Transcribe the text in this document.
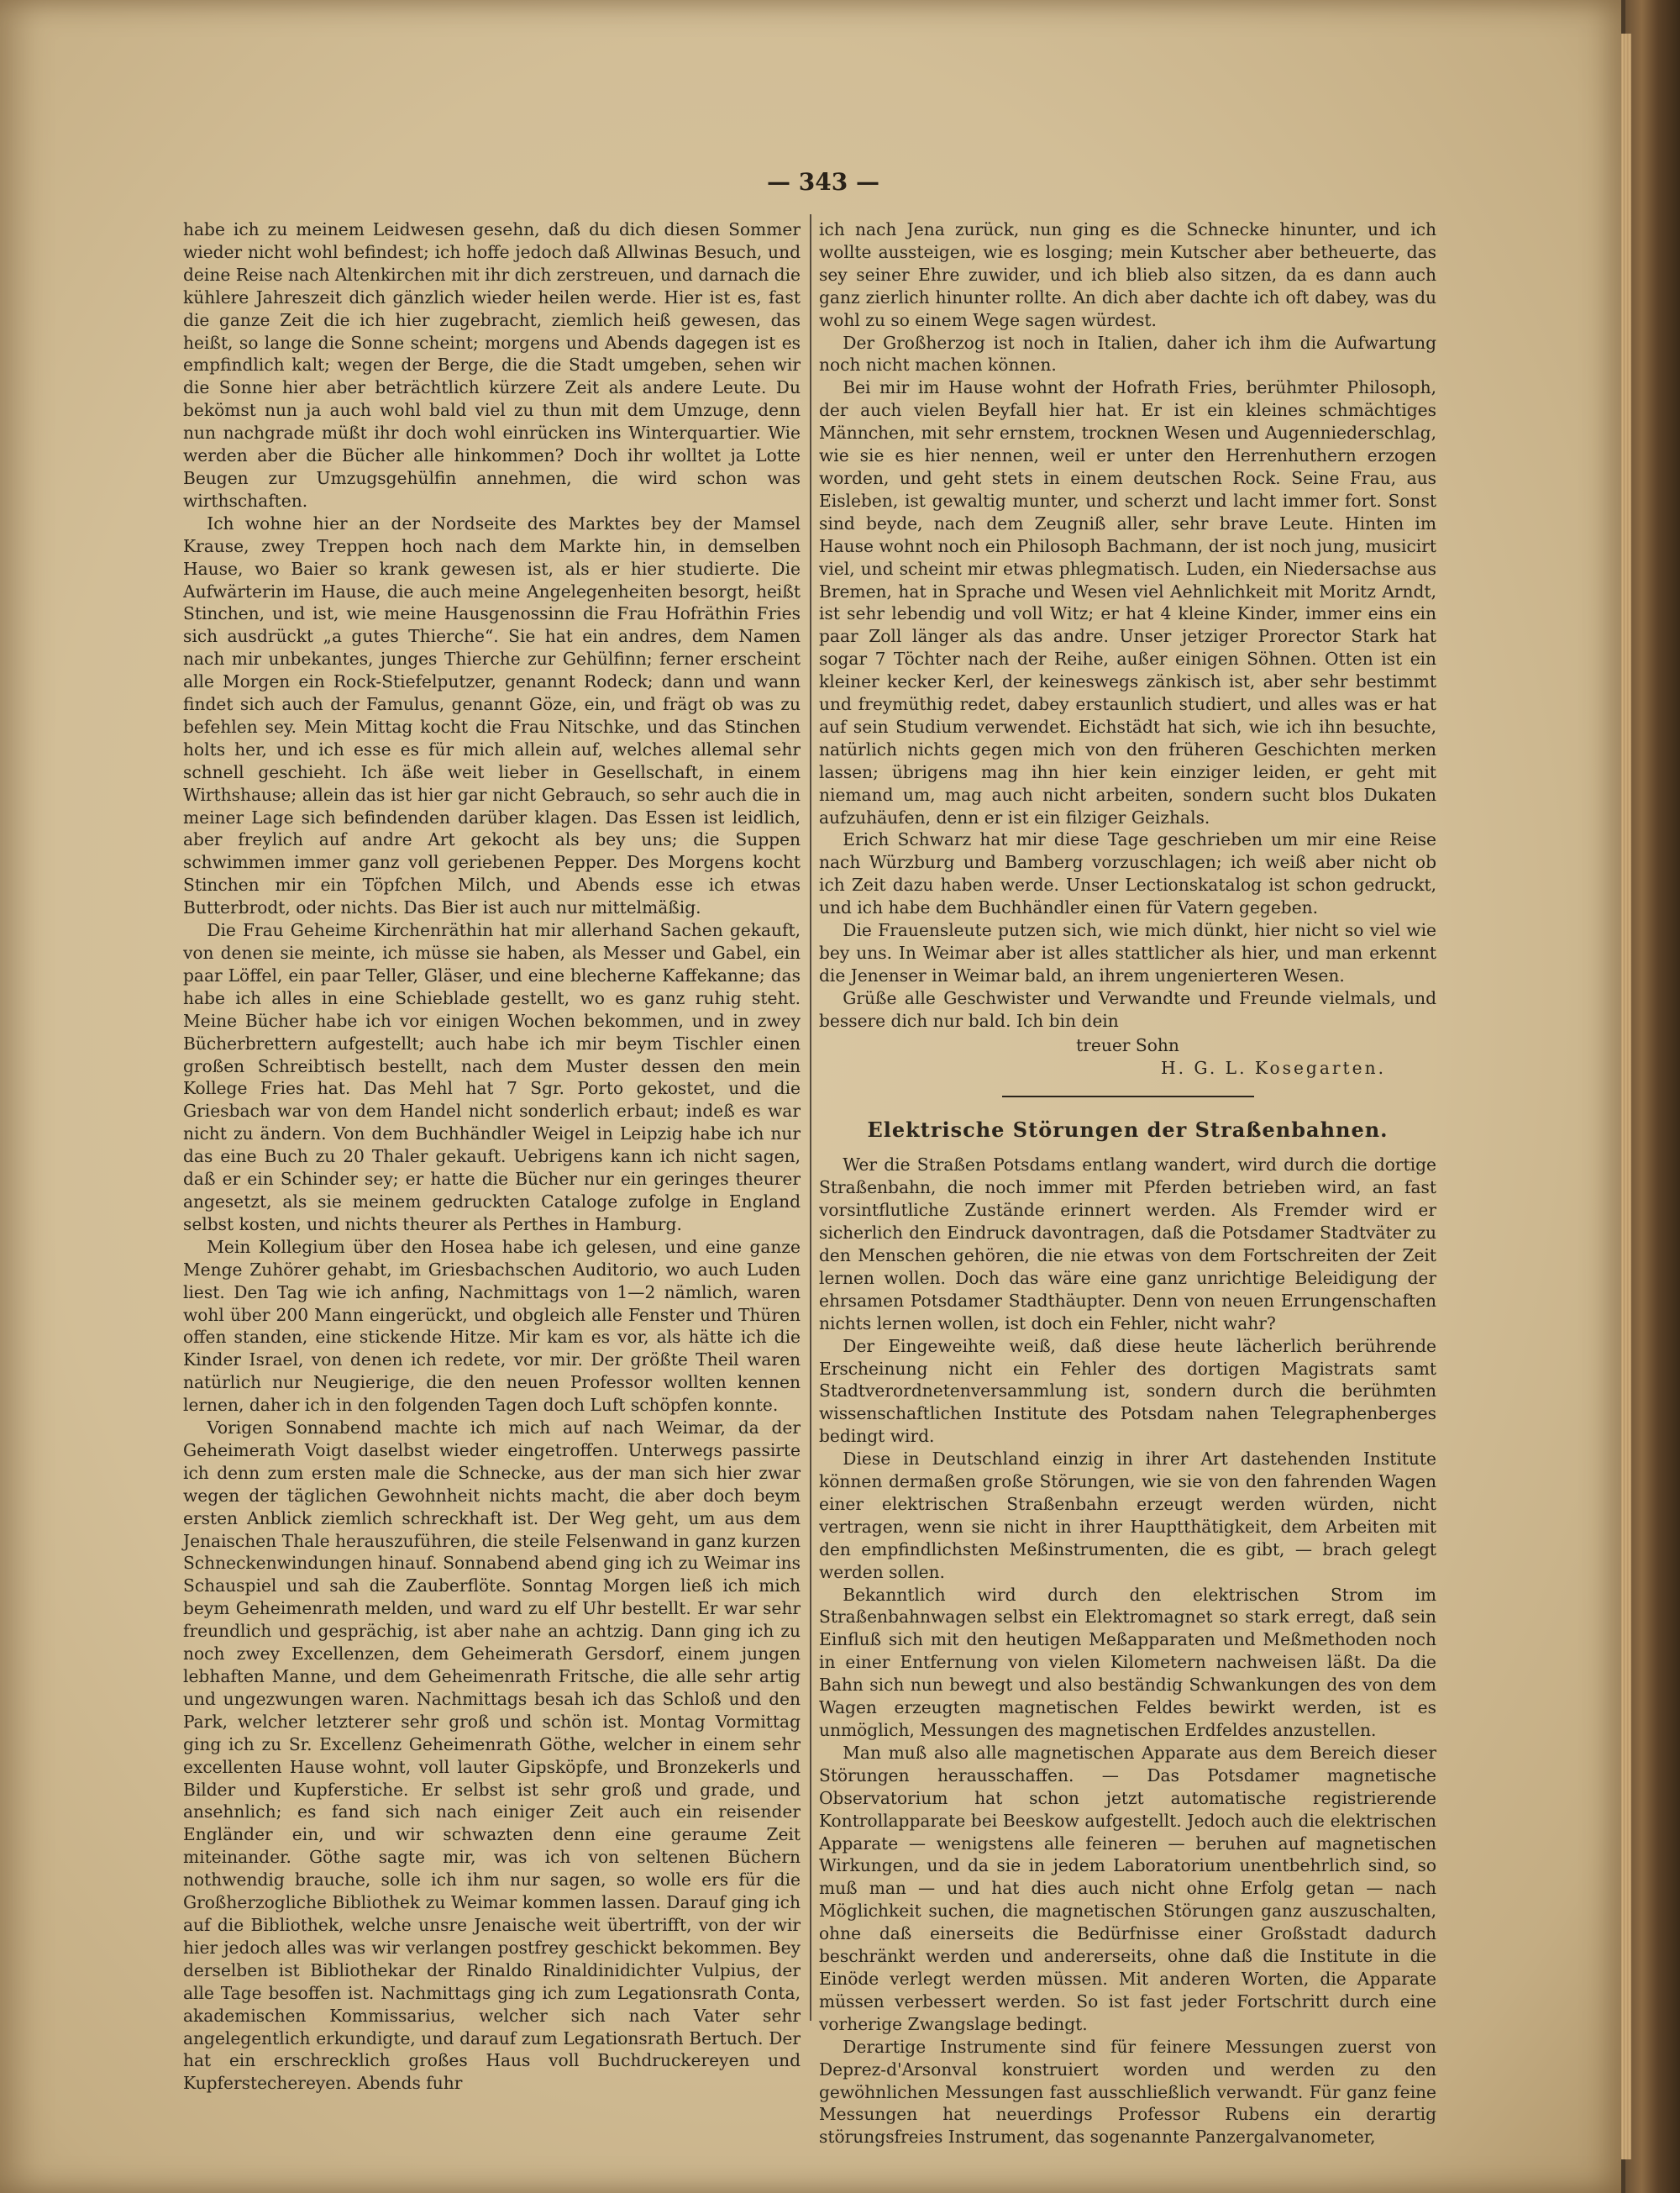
— 343 —

habe ich zu meinem Leidwesen gesehn, daß du dich diesen Sommer wieder nicht wohl befindest; ich hoffe jedoch daß Allwinas Besuch, und deine Reise nach Altenkirchen mit ihr dich zerstreuen, und darnach die kühlere Jahreszeit dich gänzlich wieder heilen werde. Hier ist es, fast die ganze Zeit die ich hier zugebracht, ziemlich heiß gewesen, das heißt, so lange die Sonne scheint; morgens und Abends dagegen ist es empfindlich kalt; wegen der Berge, die die Stadt umgeben, sehen wir die Sonne hier aber beträchtlich kürzere Zeit als andere Leute. Du bekömst nun ja auch wohl bald viel zu thun mit dem Umzuge, denn nun nachgrade müßt ihr doch wohl einrücken ins Winterquartier. Wie werden aber die Bücher alle hinkommen? Doch ihr wolltet ja Lotte Beugen zur Umzugsgehülfin annehmen, die wird schon was wirthschaften.

Ich wohne hier an der Nordseite des Marktes bey der Mamsel Krause, zwey Treppen hoch nach dem Markte hin, in demselben Hause, wo Baier so krank gewesen ist, als er hier studierte. Die Aufwärterin im Hause, die auch meine Angelegenheiten besorgt, heißt Stinchen, und ist, wie meine Hausgenossinn die Frau Hofräthin Fries sich ausdrückt „a gutes Thierche“. Sie hat ein andres, dem Namen nach mir unbekantes, junges Thierche zur Gehülfinn; ferner erscheint alle Morgen ein Rock-Stiefelputzer, genannt Rodeck; dann und wann findet sich auch der Famulus, genannt Göze, ein, und frägt ob was zu befehlen sey. Mein Mittag kocht die Frau Nitschke, und das Stinchen holts her, und ich esse es für mich allein auf, welches allemal sehr schnell geschieht. Ich äße weit lieber in Gesellschaft, in einem Wirthshause; allein das ist hier gar nicht Gebrauch, so sehr auch die in meiner Lage sich befindenden darüber klagen. Das Essen ist leidlich, aber freylich auf andre Art gekocht als bey uns; die Suppen schwimmen immer ganz voll geriebenen Pepper. Des Morgens kocht Stinchen mir ein Töpfchen Milch, und Abends esse ich etwas Butterbrodt, oder nichts. Das Bier ist auch nur mittelmäßig.

Die Frau Geheime Kirchenräthin hat mir allerhand Sachen gekauft, von denen sie meinte, ich müsse sie haben, als Messer und Gabel, ein paar Löffel, ein paar Teller, Gläser, und eine blecherne Kaffekanne; das habe ich alles in eine Schieblade gestellt, wo es ganz ruhig steht. Meine Bücher habe ich vor einigen Wochen bekommen, und in zwey Bücherbrettern aufgestellt; auch habe ich mir beym Tischler einen großen Schreibtisch bestellt, nach dem Muster dessen den mein Kollege Fries hat. Das Mehl hat 7 Sgr. Porto gekostet, und die Griesbach war von dem Handel nicht sonderlich erbaut; indeß es war nicht zu ändern. Von dem Buchhändler Weigel in Leipzig habe ich nur das eine Buch zu 20 Thaler gekauft. Uebrigens kann ich nicht sagen, daß er ein Schinder sey; er hatte die Bücher nur ein geringes theurer angesetzt, als sie meinem gedruckten Cataloge zufolge in England selbst kosten, und nichts theurer als Perthes in Hamburg.

Mein Kollegium über den Hosea habe ich gelesen, und eine ganze Menge Zuhörer gehabt, im Griesbachschen Auditorio, wo auch Luden liest. Den Tag wie ich anfing, Nachmittags von 1—2 nämlich, waren wohl über 200 Mann eingerückt, und obgleich alle Fenster und Thüren offen standen, eine stickende Hitze. Mir kam es vor, als hätte ich die Kinder Israel, von denen ich redete, vor mir. Der größte Theil waren natürlich nur Neugierige, die den neuen Professor wollten kennen lernen, daher ich in den folgenden Tagen doch Luft schöpfen konnte.

Vorigen Sonnabend machte ich mich auf nach Weimar, da der Geheimerath Voigt daselbst wieder eingetroffen. Unterwegs passirte ich denn zum ersten male die Schnecke, aus der man sich hier zwar wegen der täglichen Gewohnheit nichts macht, die aber doch beym ersten Anblick ziemlich schreckhaft ist. Der Weg geht, um aus dem Jenaischen Thale herauszuführen, die steile Felsenwand in ganz kurzen Schneckenwindungen hinauf. Sonnabend abend ging ich zu Weimar ins Schauspiel und sah die Zauberflöte. Sonntag Morgen ließ ich mich beym Geheimenrath melden, und ward zu elf Uhr bestellt. Er war sehr freundlich und gesprächig, ist aber nahe an achtzig. Dann ging ich zu noch zwey Excellenzen, dem Geheimerath Gersdorf, einem jungen lebhaften Manne, und dem Geheimenrath Fritsche, die alle sehr artig und ungezwungen waren. Nachmittags besah ich das Schloß und den Park, welcher letzterer sehr groß und schön ist. Montag Vormittag ging ich zu Sr. Excellenz Geheimenrath Göthe, welcher in einem sehr excellenten Hause wohnt, voll lauter Gipsköpfe, und Bronzekerls und Bilder und Kupferstiche. Er selbst ist sehr groß und grade, und ansehnlich; es fand sich nach einiger Zeit auch ein reisender Engländer ein, und wir schwazten denn eine geraume Zeit miteinander. Göthe sagte mir, was ich von seltenen Büchern nothwendig brauche, solle ich ihm nur sagen, so wolle ers für die Großherzogliche Bibliothek zu Weimar kommen lassen. Darauf ging ich auf die Bibliothek, welche unsre Jenaische weit übertrifft, von der wir hier jedoch alles was wir verlangen postfrey geschickt bekommen. Bey derselben ist Bibliothekar der Rinaldo Rinaldinidichter Vulpius, der alle Tage besoffen ist. Nachmittags ging ich zum Legationsrath Conta, akademischen Kommissarius, welcher sich nach Vater sehr angelegentlich erkundigte, und darauf zum Legationsrath Bertuch. Der hat ein erschrecklich großes Haus voll Buchdruckereyen und Kupferstechereyen. Abends fuhr

ich nach Jena zurück, nun ging es die Schnecke hinunter, und ich wollte aussteigen, wie es losging; mein Kutscher aber betheuerte, das sey seiner Ehre zuwider, und ich blieb also sitzen, da es dann auch ganz zierlich hinunter rollte. An dich aber dachte ich oft dabey, was du wohl zu so einem Wege sagen würdest.

Der Großherzog ist noch in Italien, daher ich ihm die Aufwartung noch nicht machen können.

Bei mir im Hause wohnt der Hofrath Fries, berühmter Philosoph, der auch vielen Beyfall hier hat. Er ist ein kleines schmächtiges Männchen, mit sehr ernstem, trocknen Wesen und Augenniederschlag, wie sie es hier nennen, weil er unter den Herrenhuthern erzogen worden, und geht stets in einem deutschen Rock. Seine Frau, aus Eisleben, ist gewaltig munter, und scherzt und lacht immer fort. Sonst sind beyde, nach dem Zeugniß aller, sehr brave Leute. Hinten im Hause wohnt noch ein Philosoph Bachmann, der ist noch jung, musicirt viel, und scheint mir etwas phlegmatisch. Luden, ein Niedersachse aus Bremen, hat in Sprache und Wesen viel Aehnlichkeit mit Moritz Arndt, ist sehr lebendig und voll Witz; er hat 4 kleine Kinder, immer eins ein paar Zoll länger als das andre. Unser jetziger Prorector Stark hat sogar 7 Töchter nach der Reihe, außer einigen Söhnen. Otten ist ein kleiner kecker Kerl, der keineswegs zänkisch ist, aber sehr bestimmt und freymüthig redet, dabey erstaunlich studiert, und alles was er hat auf sein Studium verwendet. Eichstädt hat sich, wie ich ihn besuchte, natürlich nichts gegen mich von den früheren Geschichten merken lassen; übrigens mag ihn hier kein einziger leiden, er geht mit niemand um, mag auch nicht arbeiten, sondern sucht blos Dukaten aufzuhäufen, denn er ist ein filziger Geizhals.

Erich Schwarz hat mir diese Tage geschrieben um mir eine Reise nach Würzburg und Bamberg vorzuschlagen; ich weiß aber nicht ob ich Zeit dazu haben werde. Unser Lectionskatalog ist schon gedruckt, und ich habe dem Buchhändler einen für Vatern gegeben.

Die Frauensleute putzen sich, wie mich dünkt, hier nicht so viel wie bey uns. In Weimar aber ist alles stattlicher als hier, und man erkennt die Jenenser in Weimar bald, an ihrem ungenierteren Wesen.

Grüße alle Geschwister und Verwandte und Freunde vielmals, und bessere dich nur bald. Ich bin dein

treuer Sohn

H. G. L. Kosegarten.

Elektrische Störungen der Straßenbahnen.

Wer die Straßen Potsdams entlang wandert, wird durch die dortige Straßenbahn, die noch immer mit Pferden betrieben wird, an fast vorsintflutliche Zustände erinnert werden. Als Fremder wird er sicherlich den Eindruck davontragen, daß die Potsdamer Stadtväter zu den Menschen gehören, die nie etwas von dem Fortschreiten der Zeit lernen wollen. Doch das wäre eine ganz unrichtige Beleidigung der ehrsamen Potsdamer Stadthäupter. Denn von neuen Errungenschaften nichts lernen wollen, ist doch ein Fehler, nicht wahr?

Der Eingeweihte weiß, daß diese heute lächerlich berührende Erscheinung nicht ein Fehler des dortigen Magistrats samt Stadtverordnetenversammlung ist, sondern durch die berühmten wissenschaftlichen Institute des Potsdam nahen Telegraphenberges bedingt wird.

Diese in Deutschland einzig in ihrer Art dastehenden Institute können dermaßen große Störungen, wie sie von den fahrenden Wagen einer elektrischen Straßenbahn erzeugt werden würden, nicht vertragen, wenn sie nicht in ihrer Hauptthätigkeit, dem Arbeiten mit den empfindlichsten Meßinstrumenten, die es gibt, — brach gelegt werden sollen.

Bekanntlich wird durch den elektrischen Strom im Straßenbahnwagen selbst ein Elektromagnet so stark erregt, daß sein Einfluß sich mit den heutigen Meßapparaten und Meßmethoden noch in einer Entfernung von vielen Kilometern nachweisen läßt. Da die Bahn sich nun bewegt und also beständig Schwankungen des von dem Wagen erzeugten magnetischen Feldes bewirkt werden, ist es unmöglich, Messungen des magnetischen Erdfeldes anzustellen.

Man muß also alle magnetischen Apparate aus dem Bereich dieser Störungen herausschaffen. — Das Potsdamer magnetische Observatorium hat schon jetzt automatische registrierende Kontrollapparate bei Beeskow aufgestellt. Jedoch auch die elektrischen Apparate — wenigstens alle feineren — beruhen auf magnetischen Wirkungen, und da sie in jedem Laboratorium unentbehrlich sind, so muß man — und hat dies auch nicht ohne Erfolg getan — nach Möglichkeit suchen, die magnetischen Störungen ganz auszuschalten, ohne daß einerseits die Bedürfnisse einer Großstadt dadurch beschränkt werden und andererseits, ohne daß die Institute in die Einöde verlegt werden müssen. Mit anderen Worten, die Apparate müssen verbessert werden. So ist fast jeder Fortschritt durch eine vorherige Zwangslage bedingt.

Derartige Instrumente sind für feinere Messungen zuerst von Deprez-d'Arsonval konstruiert worden und werden zu den gewöhnlichen Messungen fast ausschließlich verwandt. Für ganz feine Messungen hat neuerdings Professor Rubens ein derartig störungsfreies Instrument, das sogenannte Panzergalvanometer,
